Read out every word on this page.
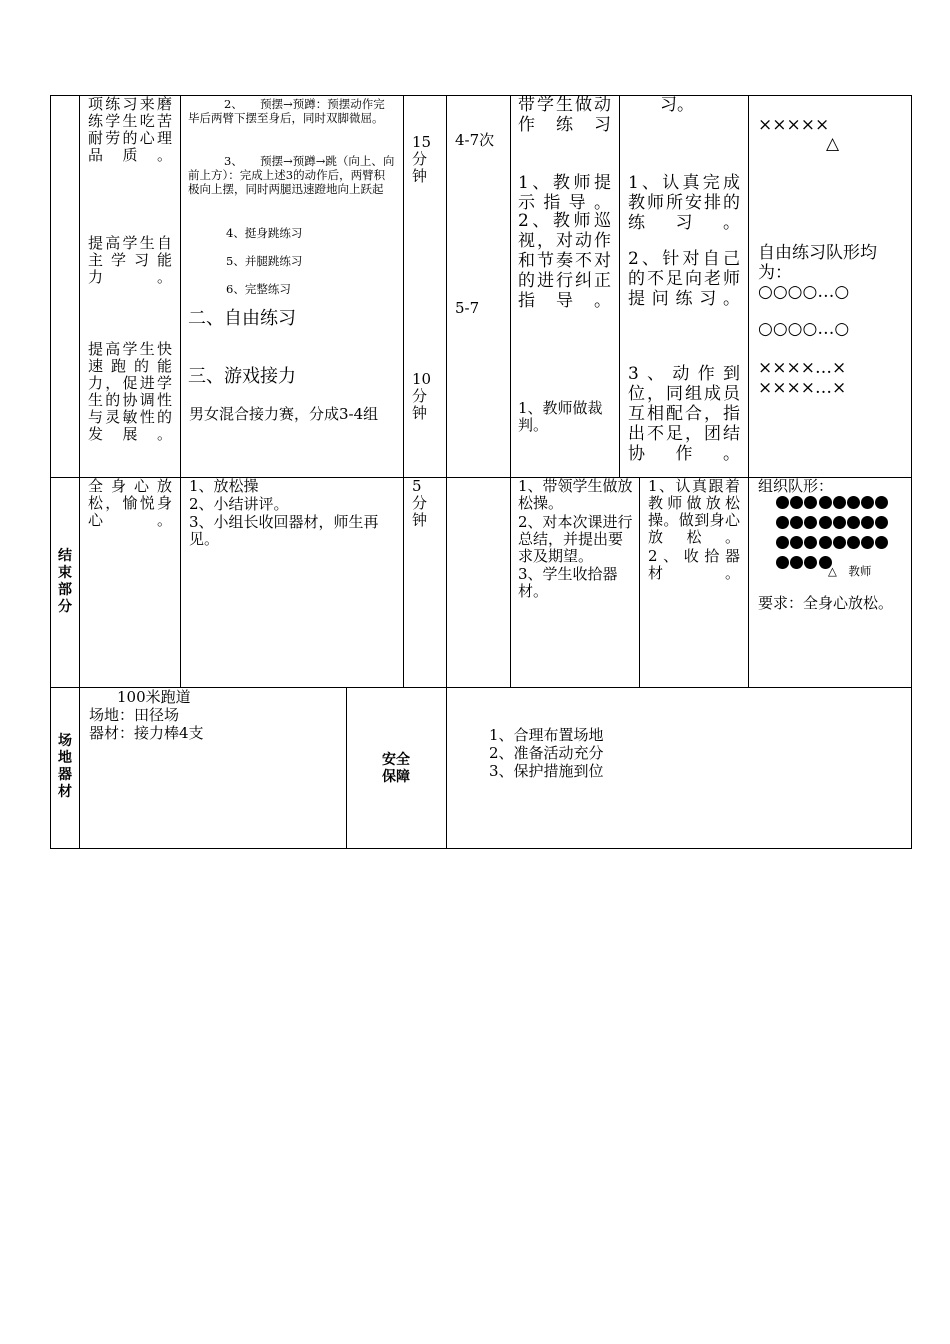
项练习来磨练学生吃苦耐劳的心理品质。
提高学生自主学习能力。
提高学生快速跑的能力，促进学生的协调性与灵敏性的发展。
2、　　预摆→预蹲：预摆动作完毕后两臂下摆至身后，同时双脚微屈。
3、　　预摆→预蹲→跳（向上、向前上方）：完成上述3的动作后，两臂积极向上摆，同时两腿迅速蹬地向上跃起
4、挺身跳练习
5、并腿跳练习
6、完整练习
二、自由练习
三、游戏接力
男女混合接力赛，分成3-4组
15分钟
10分钟
4-7次
5-7
带学生做动作练习
1、教师提示指导。
2、教师巡视，对动作和节奏不对的进行纠正指导。
1、教师做裁判。
习。
1、认真完成教师所安排的练习。
2、针对自己的不足向老师提问练习。
3、动作到位，同组成员互相配合，指出不足，团结协作。
×××××
△
自由练习队形均为：
○○○○…○
○○○○…○
××××…×
××××…×
结束部分
全身心放松，愉悦身心。
1、放松操
2、小结讲评。
3、小组长收回器材，师生再见。
5分钟
1、带领学生做放松操。
2、对本次课进行总结，并提出要求及期望。
3、学生收拾器材。
1、认真跟着教师做放松操。做到身心放松。
2、收拾器材。
组织队形：
△　教师
要求：全身心放松。
场地器材
100米跑道
场地：田径场
器材：接力棒4支
安全保障
1、合理布置场地
2、准备活动充分
3、保护措施到位
